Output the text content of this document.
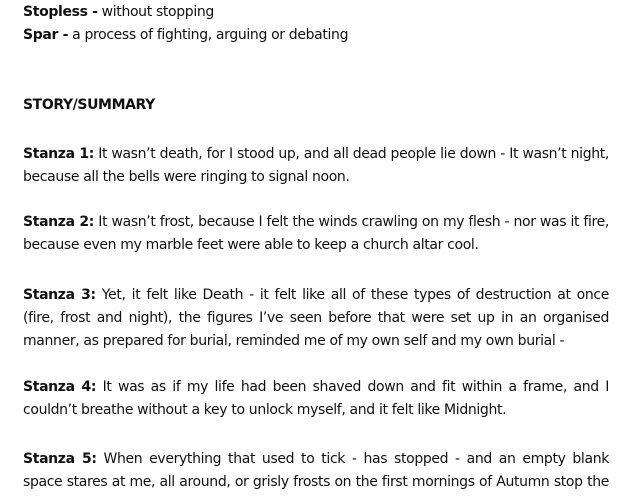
Stopless - without stopping

Spar - a process of fighting, arguing or debating

STORY/SUMMARY

Stanza 1: It wasn’t death, for I stood up, and all dead people lie down - It wasn’t night, because all the bells were ringing to signal noon.

Stanza 2: It wasn’t frost, because I felt the winds crawling on my flesh - nor was it fire, because even my marble feet were able to keep a church altar cool.

Stanza 3: Yet, it felt like Death - it felt like all of these types of destruction at once (fire, frost and night), the figures I’ve seen before that were set up in an organised manner, as prepared for burial, reminded me of my own self and my own burial -

Stanza 4: It was as if my life had been shaved down and fit within a frame, and I couldn’t breathe without a key to unlock myself, and it felt like Midnight.

Stanza 5: When everything that used to tick - has stopped - and an empty blank space stares at me, all around, or grisly frosts on the first mornings of Autumn stop the
